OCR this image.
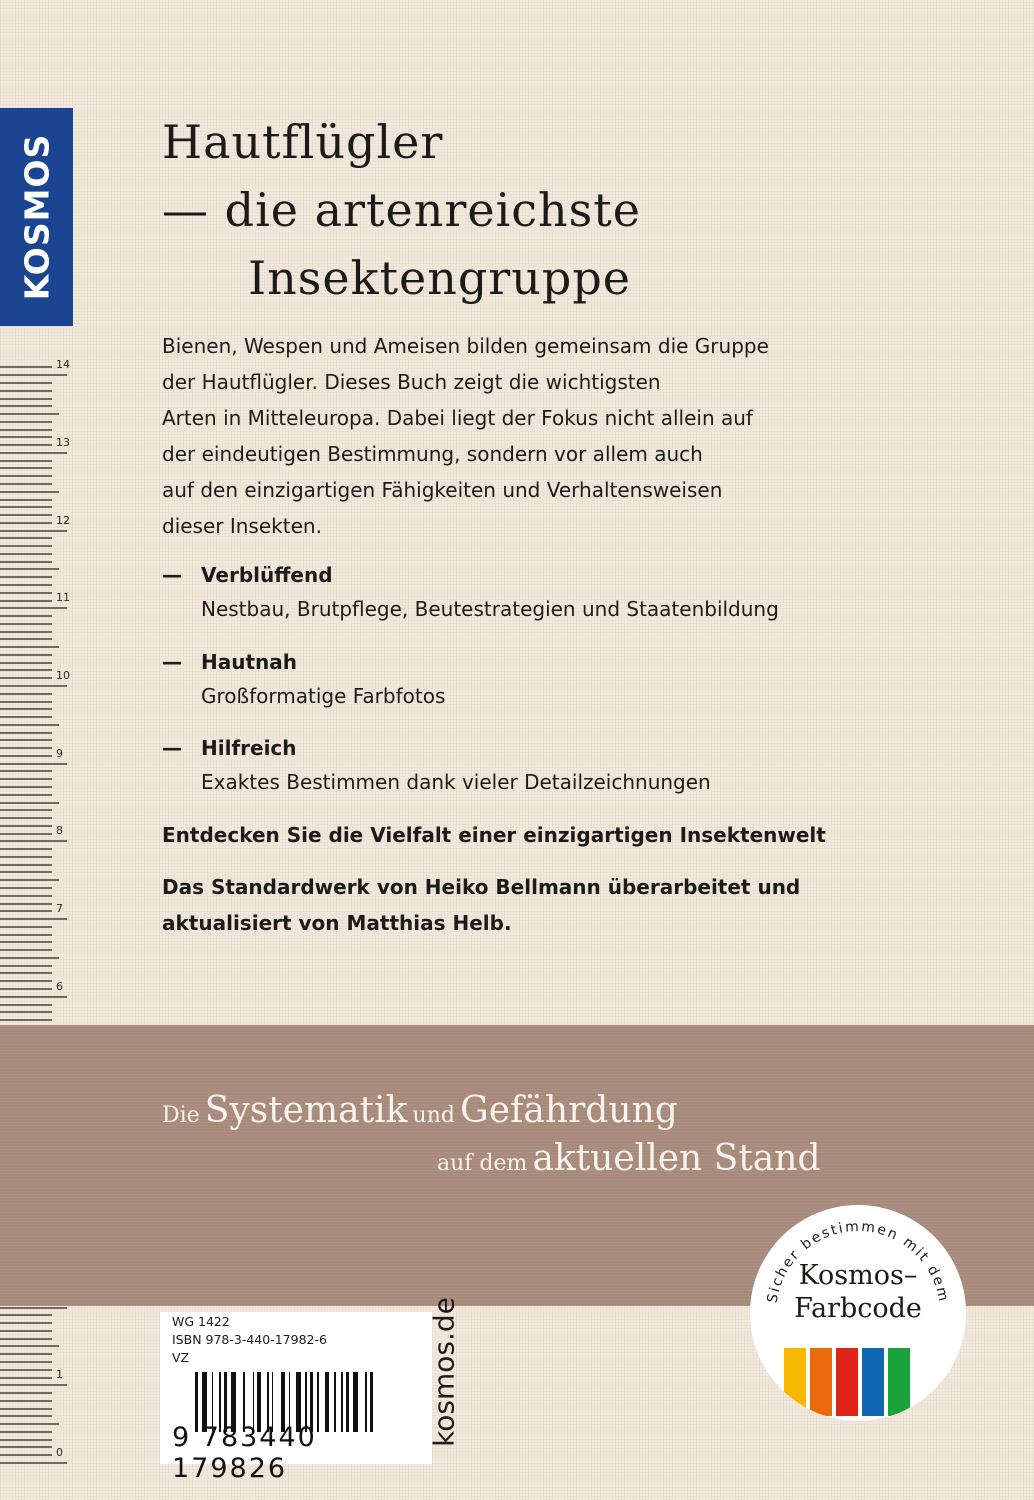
KOSMOS
14
13
12
11
10
9
8
7
6
1
0
Hautflügler
— die artenreichste
Insektengruppe
Bienen, Wespen und Ameisen bilden gemeinsam die Gruppe
der Hautflügler. Dieses Buch zeigt die wichtigsten
Arten in Mitteleuropa. Dabei liegt der Fokus nicht allein auf
der eindeutigen Bestimmung, sondern vor allem auch
auf den einzigartigen Fähigkeiten und Verhaltensweisen
dieser Insekten.
— Verblüffend
Nestbau, Brutpflege, Beutestrategien und Staatenbildung
— Hautnah
Großformatige Farbfotos
— Hilfreich
Exaktes Bestimmen dank vieler Detailzeichnungen

Entdecken Sie die Vielfalt einer einzigartigen Insektenwelt

Das Standardwerk von Heiko Bellmann überarbeitet und
aktualisiert von Matthias Helb.
Die Systematik und Gefährdung
auf dem aktuellen Stand
WG 1422
ISBN 978-3-440-17982-6
VZ
9 783440 179826
kosmos.de	Sicher bestimmen mit dem
Kosmos–
Farbcode
